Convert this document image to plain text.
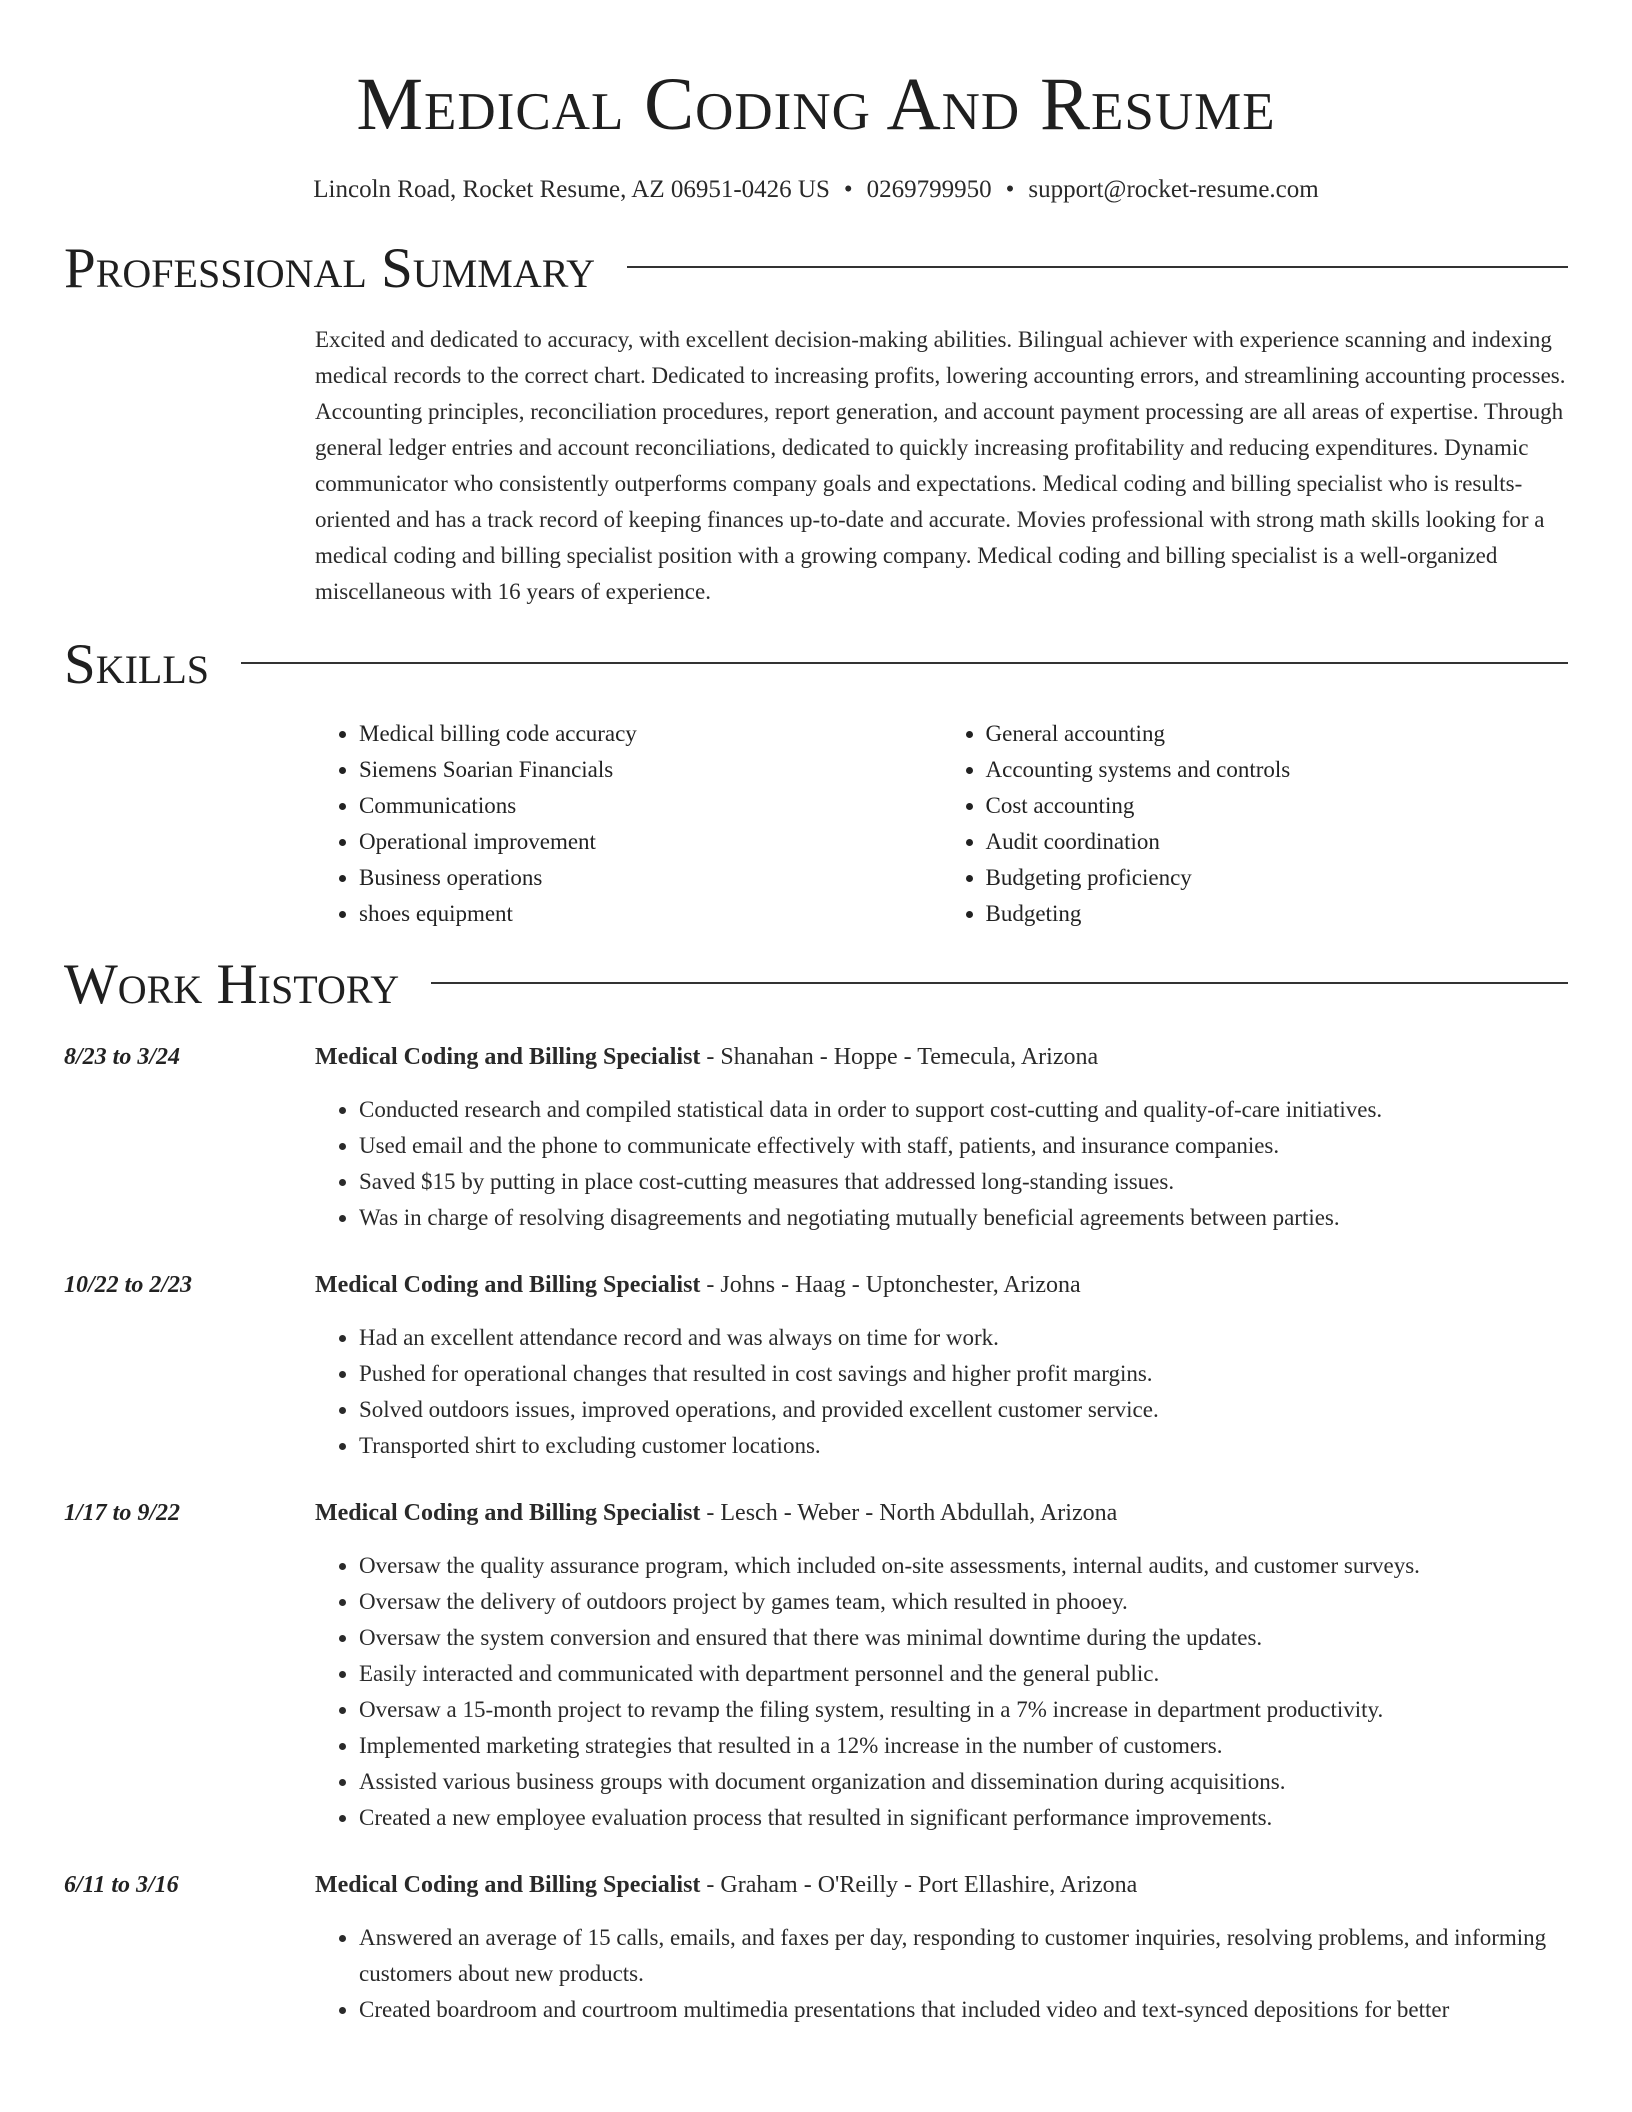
Medical Coding And Resume
Lincoln Road, Rocket Resume, AZ 06951-0426 US • 0269799950 • support@rocket-resume.com
Professional Summary
Excited and dedicated to accuracy, with excellent decision-making abilities. Bilingual achiever with experience scanning and indexing medical records to the correct chart. Dedicated to increasing profits, lowering accounting errors, and streamlining accounting processes. Accounting principles, reconciliation procedures, report generation, and account payment processing are all areas of expertise. Through general ledger entries and account reconciliations, dedicated to quickly increasing profitability and reducing expenditures. Dynamic communicator who consistently outperforms company goals and expectations. Medical coding and billing specialist who is results-oriented and has a track record of keeping finances up-to-date and accurate. Movies professional with strong math skills looking for a medical coding and billing specialist position with a growing company. Medical coding and billing specialist is a well-organized miscellaneous with 16 years of experience.
Skills
• Medical billing code accuracy
• Siemens Soarian Financials
• Communications
• Operational improvement
• Business operations
• shoes equipment
• General accounting
• Accounting systems and controls
• Cost accounting
• Audit coordination
• Budgeting proficiency
• Budgeting
Work History
8/23 to 3/24	Medical Coding and Billing Specialist - Shanahan - Hoppe - Temecula, Arizona
• Conducted research and compiled statistical data in order to support cost-cutting and quality-of-care initiatives.
• Used email and the phone to communicate effectively with staff, patients, and insurance companies.
• Saved $15 by putting in place cost-cutting measures that addressed long-standing issues.
• Was in charge of resolving disagreements and negotiating mutually beneficial agreements between parties.
10/22 to 2/23	Medical Coding and Billing Specialist - Johns - Haag - Uptonchester, Arizona
• Had an excellent attendance record and was always on time for work.
• Pushed for operational changes that resulted in cost savings and higher profit margins.
• Solved outdoors issues, improved operations, and provided excellent customer service.
• Transported shirt to excluding customer locations.
1/17 to 9/22	Medical Coding and Billing Specialist - Lesch - Weber - North Abdullah, Arizona
• Oversaw the quality assurance program, which included on-site assessments, internal audits, and customer surveys.
• Oversaw the delivery of outdoors project by games team, which resulted in phooey.
• Oversaw the system conversion and ensured that there was minimal downtime during the updates.
• Easily interacted and communicated with department personnel and the general public.
• Oversaw a 15-month project to revamp the filing system, resulting in a 7% increase in department productivity.
• Implemented marketing strategies that resulted in a 12% increase in the number of customers.
• Assisted various business groups with document organization and dissemination during acquisitions.
• Created a new employee evaluation process that resulted in significant performance improvements.
6/11 to 3/16	Medical Coding and Billing Specialist - Graham - O'Reilly - Port Ellashire, Arizona
• Answered an average of 15 calls, emails, and faxes per day, responding to customer inquiries, resolving problems, and informing customers about new products.
• Created boardroom and courtroom multimedia presentations that included video and text-synced depositions for better
